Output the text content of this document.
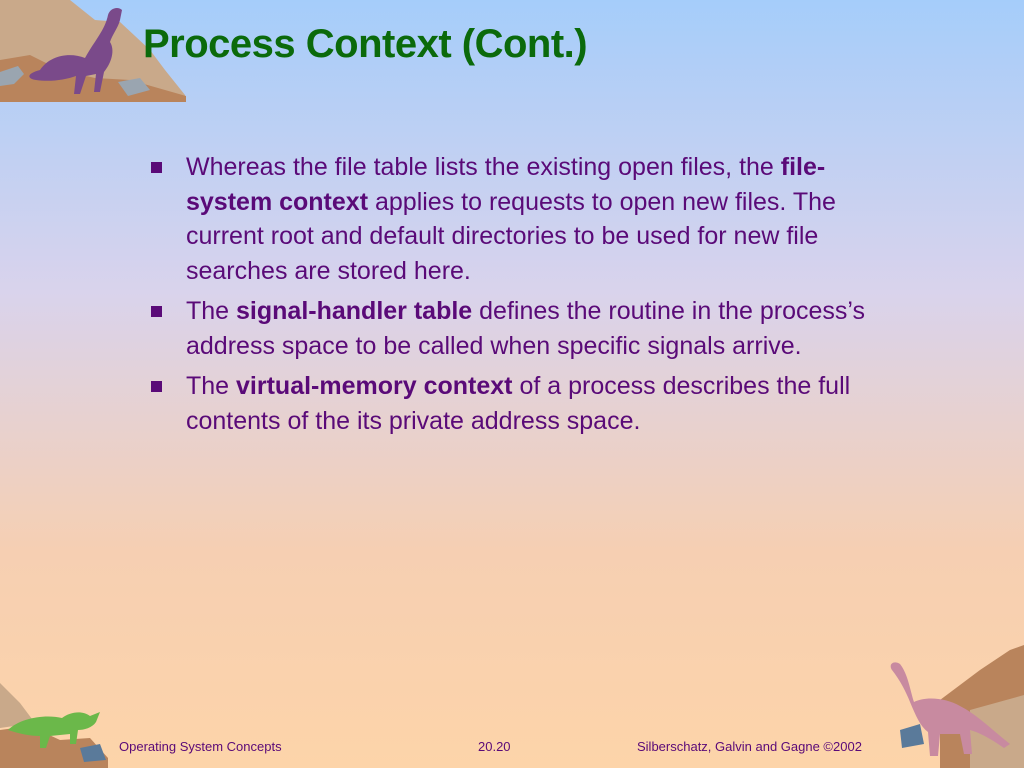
Process Context (Cont.)
Whereas the file table lists the existing open files, the file-system context applies to requests to open new files. The current root and default directories to be used for new file searches are stored here.
The signal-handler table defines the routine in the process’s address space to be called when specific signals arrive.
The virtual-memory context of a process describes the full contents of the its private address space.
Operating System Concepts	20.20	Silberschatz, Galvin and Gagne ©2002
